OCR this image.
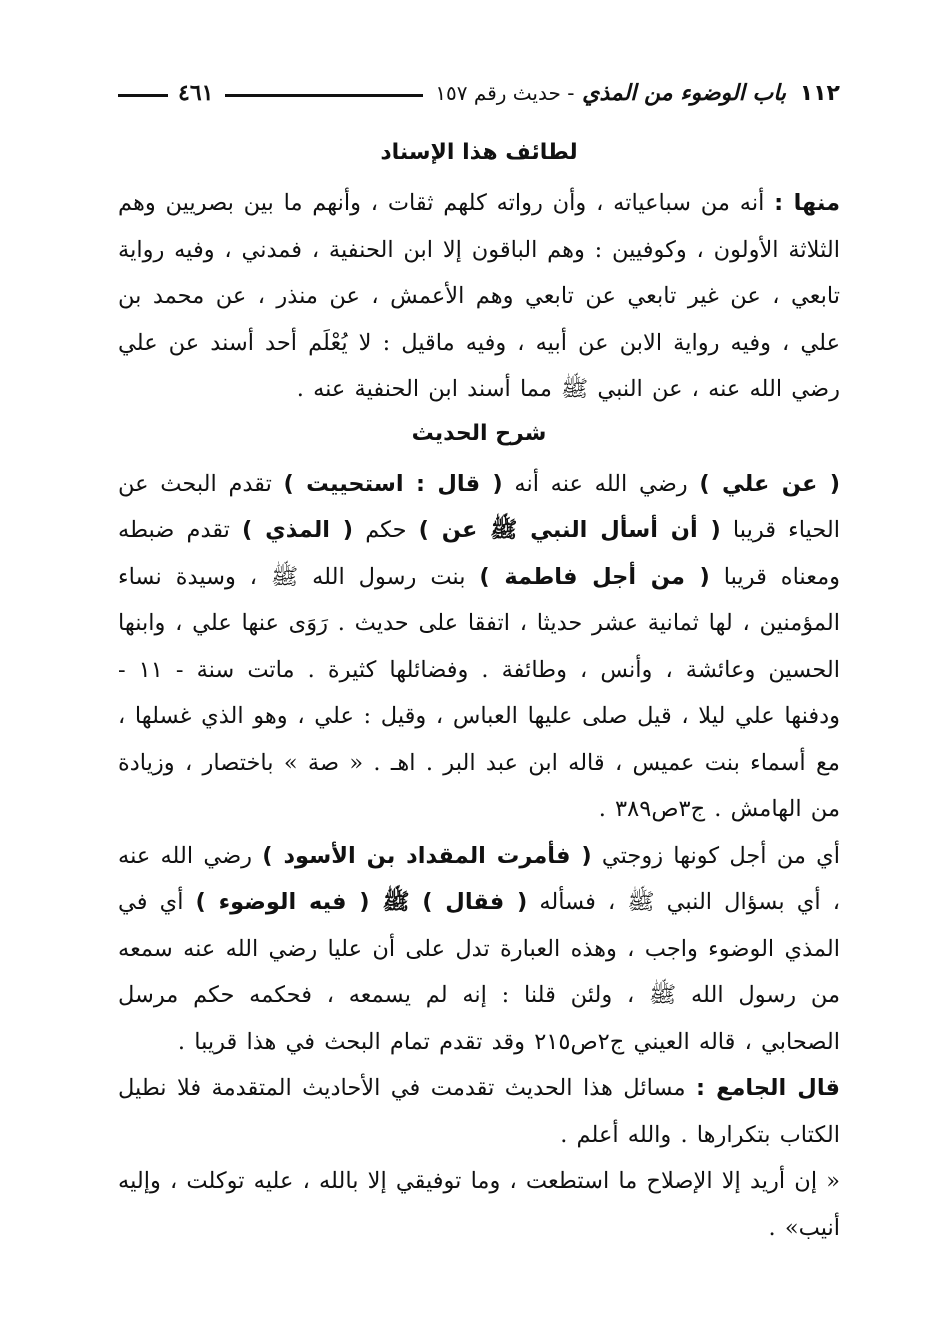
١١٢ باب الوضوء من المذي - حديث رقم ١٥٧
٤٦١
لطائف هذا الإسناد

منها : أنه من سباعياته ، وأن رواته كلهم ثقات ، وأنهم ما بين بصريين وهم الثلاثة الأولون ، وكوفيين : وهم الباقون إلا ابن الحنفية ، فمدني ، وفيه رواية تابعي ، عن غير تابعي عن تابعي وهم الأعمش ، عن منذر ، عن محمد بن علي ، وفيه رواية الابن عن أبيه ، وفيه ماقيل : لا يُعْلَم أحد أسند عن علي رضي الله عنه ، عن النبي ﷺ مما أسند ابن الحنفية عنه .

شرح الحديث

( عن علي ) رضي الله عنه أنه ( قال : استحييت ) تقدم البحث عن الحياء قريبا ( أن أسأل النبي ﷺ عن ) حكم ( المذي ) تقدم ضبطه ومعناه قريبا ( من أجل فاطمة ) بنت رسول الله ﷺ ، وسيدة نساء المؤمنين ، لها ثمانية عشر حديثا ، اتفقا على حديث . رَوَى عنها علي ، وابنها الحسين وعائشة ، وأنس ، وطائفة . وفضائلها كثيرة . ماتت سنة - ١١ - ودفنها علي ليلا ، قيل صلى عليها العباس ، وقيل : علي ، وهو الذي غسلها ، مع أسماء بنت عميس ، قاله ابن عبد البر . اهـ . « صة » باختصار ، وزيادة من الهامش . ج٣ص٣٨٩ .

أي من أجل كونها زوجتي ( فأمرت المقداد بن الأسود ) رضي الله عنه ، أي بسؤال النبي ﷺ ، فسأله ( فقال ) ﷺ ( فيه الوضوء ) أي في المذي الوضوء واجب ، وهذه العبارة تدل على أن عليا رضي الله عنه سمعه من رسول الله ﷺ ، ولئن قلنا : إنه لم يسمعه ، فحكمه حكم مرسل الصحابي ، قاله العيني ج٢ص٢١٥ وقد تقدم تمام البحث في هذا قريبا .

قال الجامع : مسائل هذا الحديث تقدمت في الأحاديث المتقدمة فلا نطيل الكتاب بتكرارها . والله أعلم .

« إن أريد إلا الإصلاح ما استطعت ، وما توفيقي إلا بالله ، عليه توكلت ، وإليه أنيب» .
